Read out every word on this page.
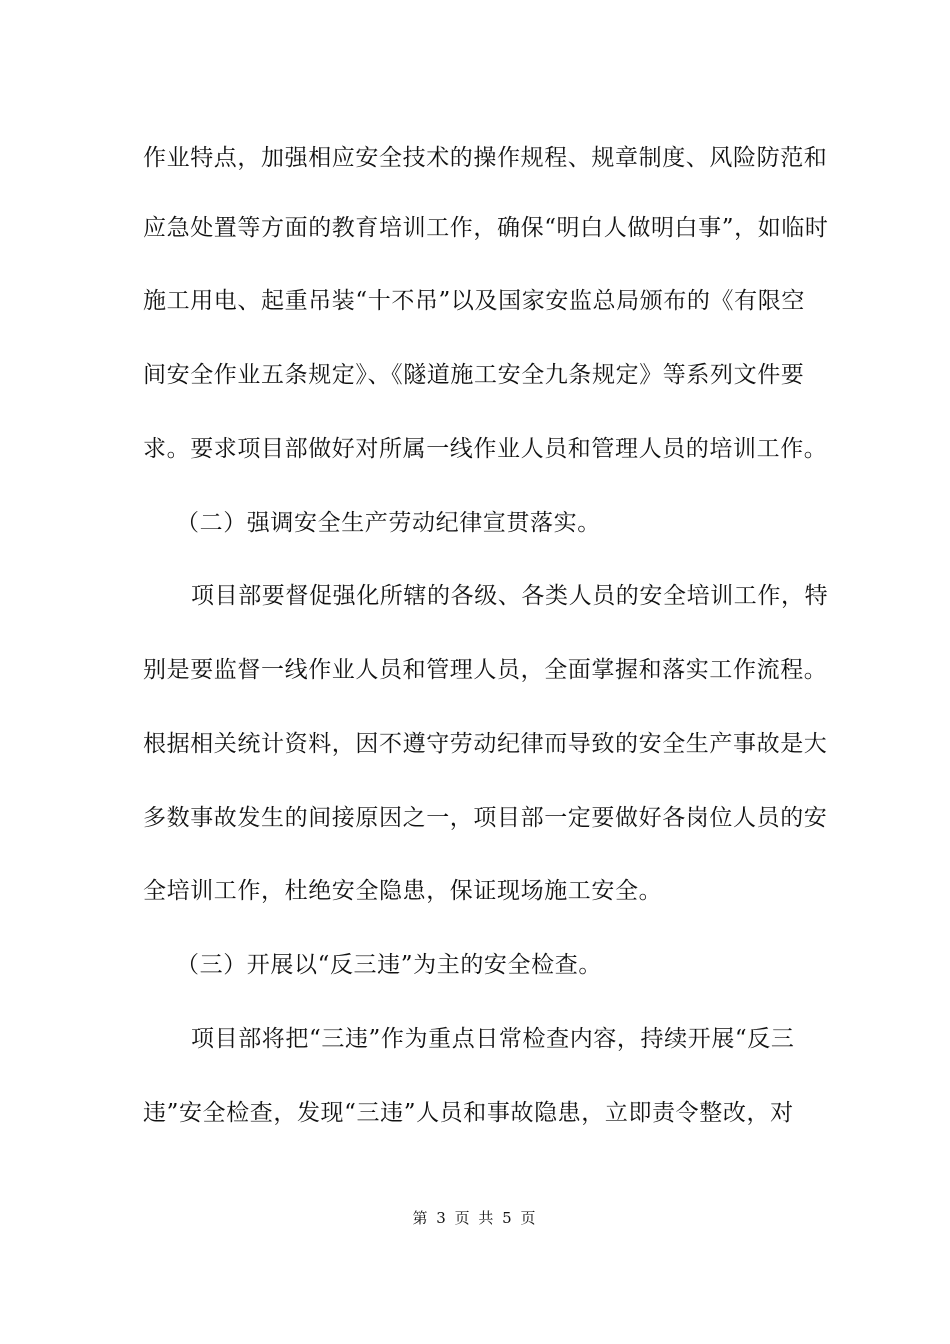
作业特点，加强相应安全技术的操作规程、规章制度、风险防范和
应急处置等方面的教育培训工作，确保“明白人做明白事”，如临时
施工用电、起重吊装“十不吊”以及国家安监总局颁布的《有限空
间安全作业五条规定》、《隧道施工安全九条规定》等系列文件要
求。要求项目部做好对所属一线作业人员和管理人员的培训工作。
（二）强调安全生产劳动纪律宣贯落实。
项目部要督促强化所辖的各级、各类人员的安全培训工作，特
别是要监督一线作业人员和管理人员，全面掌握和落实工作流程。
根据相关统计资料，因不遵守劳动纪律而导致的安全生产事故是大
多数事故发生的间接原因之一，项目部一定要做好各岗位人员的安
全培训工作，杜绝安全隐患，保证现场施工安全。
（三）开展以“反三违”为主的安全检查。
项目部将把“三违”作为重点日常检查内容，持续开展“反三
违”安全检查，发现“三违”人员和事故隐患，立即责令整改，对
第 3 页 共 5 页
